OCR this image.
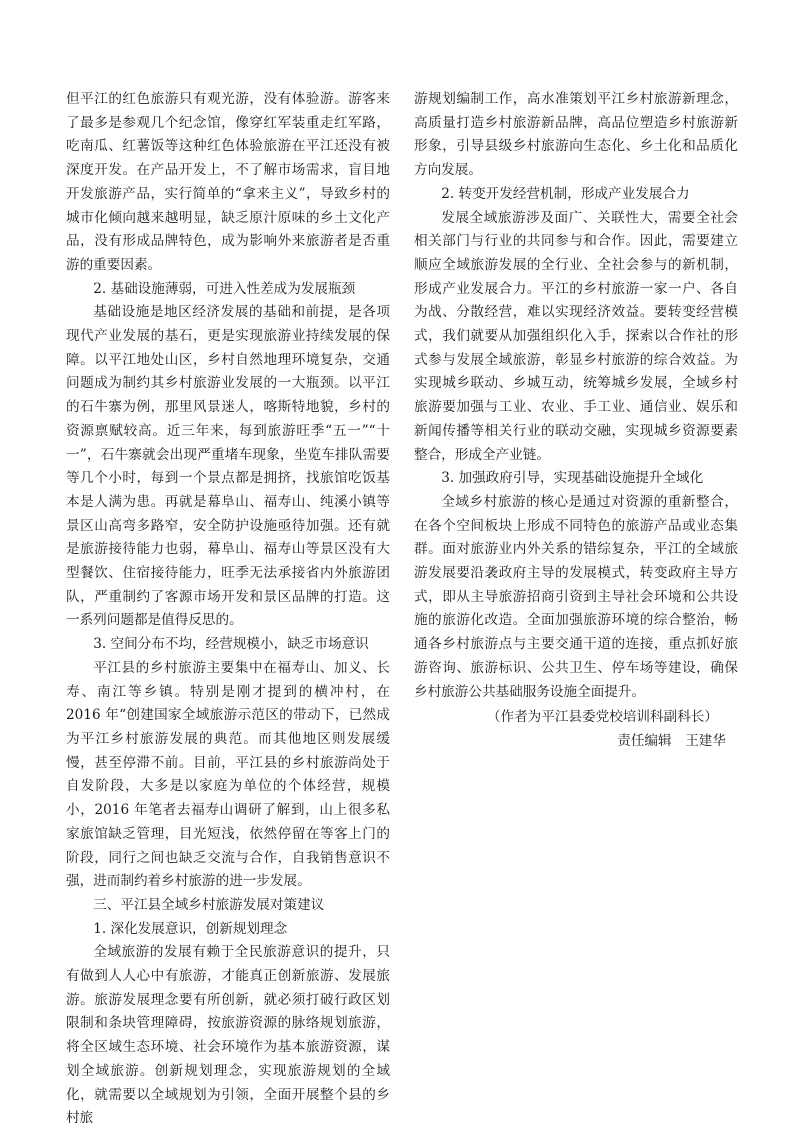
但平江的红色旅游只有观光游，没有体验游。游客来了最多是参观几个纪念馆，像穿红军装重走红军路，吃南瓜、红薯饭等这种红色体验旅游在平江还没有被深度开发。在产品开发上，不了解市场需求，盲目地开发旅游产品，实行简单的“拿来主义”，导致乡村的城市化倾向越来越明显，缺乏原汁原味的乡土文化产品，没有形成品牌特色，成为影响外来旅游者是否重游的重要因素。

2. 基础设施薄弱，可进入性差成为发展瓶颈

基础设施是地区经济发展的基础和前提，是各项现代产业发展的基石，更是实现旅游业持续发展的保障。以平江地处山区，乡村自然地理环境复杂，交通问题成为制约其乡村旅游业发展的一大瓶颈。以平江的石牛寨为例，那里风景迷人，喀斯特地貌，乡村的资源禀赋较高。近三年来，每到旅游旺季“五一”“十一”，石牛寨就会出现严重堵车现象，坐览车排队需要等几个小时，每到一个景点都是拥挤，找旅馆吃饭基本是人满为患。再就是幕阜山、福寿山、纯溪小镇等景区山高弯多路窄，安全防护设施亟待加强。还有就是旅游接待能力也弱，幕阜山、福寿山等景区没有大型餐饮、住宿接待能力，旺季无法承接省内外旅游团队，严重制约了客源市场开发和景区品牌的打造。这一系列问题都是值得反思的。

3. 空间分布不均，经营规模小，缺乏市场意识

平江县的乡村旅游主要集中在福寿山、加义、长寿、南江等乡镇。特别是刚才提到的横冲村，在 2016 年“创建国家全域旅游示范区的带动下，已然成为平江乡村旅游发展的典范。而其他地区则发展缓慢，甚至停滞不前。目前，平江县的乡村旅游尚处于自发阶段，大多是以家庭为单位的个体经营，规模小，2016 年笔者去福寿山调研了解到，山上很多私家旅馆缺乏管理，目光短浅，依然停留在等客上门的阶段，同行之间也缺乏交流与合作，自我销售意识不强，进而制约着乡村旅游的进一步发展。

三、平江县全域乡村旅游发展对策建议

1. 深化发展意识，创新规划理念

全域旅游的发展有赖于全民旅游意识的提升，只有做到人人心中有旅游，才能真正创新旅游、发展旅游。旅游发展理念要有所创新，就必须打破行政区划限制和条块管理障碍，按旅游资源的脉络规划旅游，将全区域生态环境、社会环境作为基本旅游资源，谋划全域旅游。创新规划理念，实现旅游规划的全域化，就需要以全域规划为引领，全面开展整个县的乡村旅

游规划编制工作，高水准策划平江乡村旅游新理念，高质量打造乡村旅游新品牌，高品位塑造乡村旅游新形象，引导县级乡村旅游向生态化、乡土化和品质化方向发展。

2. 转变开发经营机制，形成产业发展合力

发展全域旅游涉及面广、关联性大，需要全社会相关部门与行业的共同参与和合作。因此，需要建立顺应全域旅游发展的全行业、全社会参与的新机制，形成产业发展合力。平江的乡村旅游一家一户、各自为战、分散经营，难以实现经济效益。要转变经营模式，我们就要从加强组织化入手，探索以合作社的形式参与发展全域旅游，彰显乡村旅游的综合效益。为实现城乡联动、乡城互动，统筹城乡发展，全域乡村旅游要加强与工业、农业、手工业、通信业、娱乐和新闻传播等相关行业的联动交融，实现城乡资源要素整合，形成全产业链。

3. 加强政府引导，实现基础设施提升全域化

全域乡村旅游的核心是通过对资源的重新整合，在各个空间板块上形成不同特色的旅游产品或业态集群。面对旅游业内外关系的错综复杂，平江的全域旅游发展要沿袭政府主导的发展模式，转变政府主导方式，即从主导旅游招商引资到主导社会环境和公共设施的旅游化改造。全面加强旅游环境的综合整治，畅通各乡村旅游点与主要交通干道的连接，重点抓好旅游咨询、旅游标识、公共卫生、停车场等建设，确保乡村旅游公共基础服务设施全面提升。

（作者为平江县委党校培训科副科长）

责任编辑　王建华
